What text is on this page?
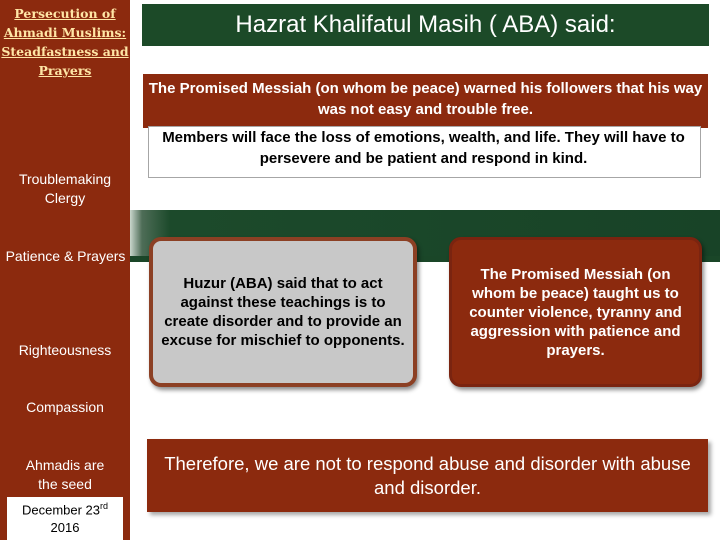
Persecution of Ahmadi Muslims: Steadfastness and Prayers
Troublemaking Clergy
Patience & Prayers
Righteousness
Compassion
Ahmadis are the seed
December 23rd
2016
Hazrat Khalifatul Masih ( ABA) said:
The Promised Messiah (on whom be peace) warned his followers that his way was not easy and trouble free.
Members will face the loss of emotions, wealth, and life. They will have to persevere and be patient and respond in kind.
Huzur (ABA) said that to act against these teachings is to create disorder and to provide an excuse for mischief to opponents.
The Promised Messiah (on whom be peace) taught us to counter violence, tyranny and aggression with patience and prayers.
Therefore, we are not to respond abuse and disorder with abuse and disorder.
